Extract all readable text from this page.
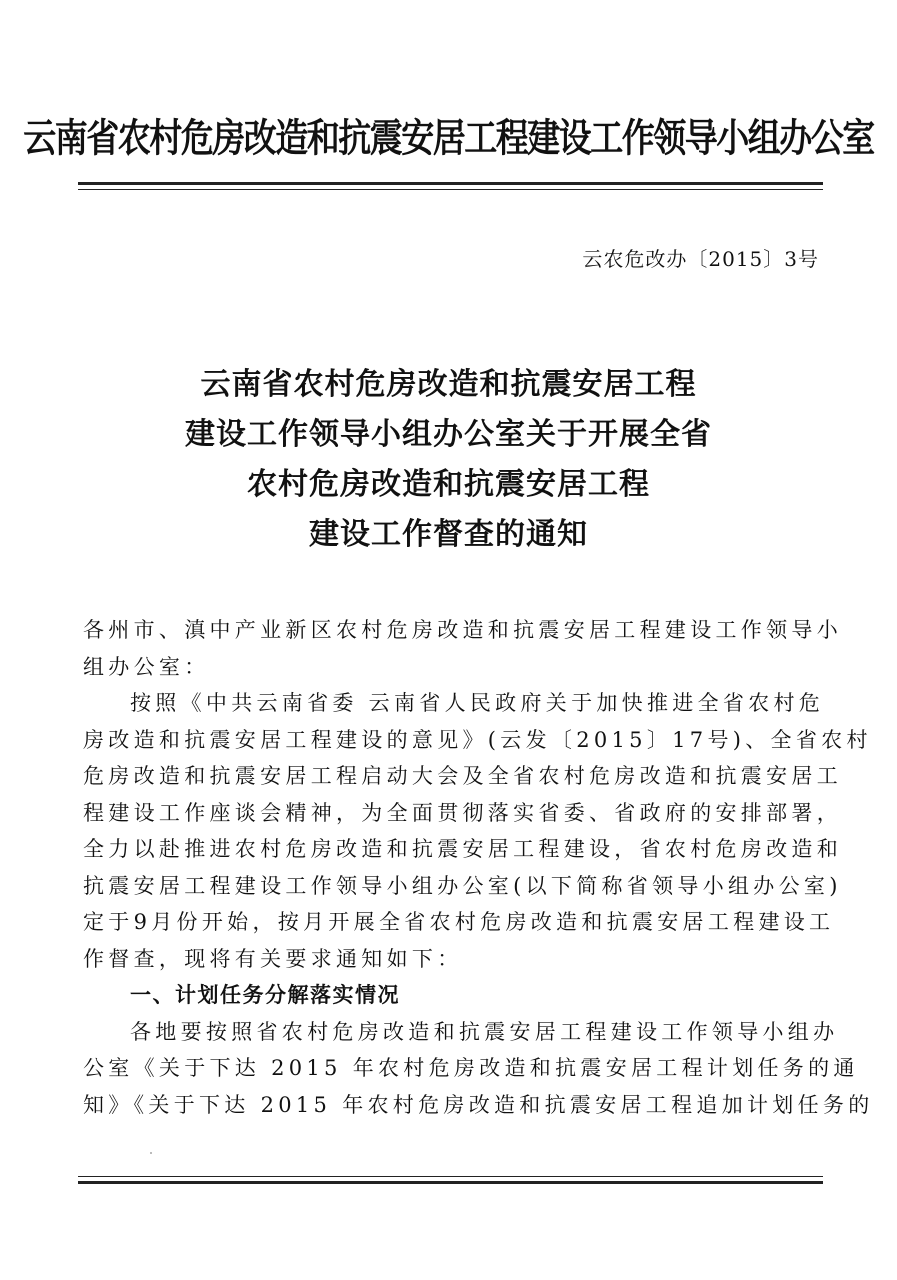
云南省农村危房改造和抗震安居工程建设工作领导小组办公室
云农危改办〔2015〕3号
云南省农村危房改造和抗震安居工程
建设工作领导小组办公室关于开展全省
农村危房改造和抗震安居工程
建设工作督查的通知
各州市、滇中产业新区农村危房改造和抗震安居工程建设工作领导小
组办公室：
按照《中共云南省委 云南省人民政府关于加快推进全省农村危
房改造和抗震安居工程建设的意见》(云发〔2015〕17号)、全省农村
危房改造和抗震安居工程启动大会及全省农村危房改造和抗震安居工
程建设工作座谈会精神，为全面贯彻落实省委、省政府的安排部署，
全力以赴推进农村危房改造和抗震安居工程建设，省农村危房改造和
抗震安居工程建设工作领导小组办公室(以下简称省领导小组办公室)
定于9月份开始，按月开展全省农村危房改造和抗震安居工程建设工
作督查，现将有关要求通知如下：
一、计划任务分解落实情况
各地要按照省农村危房改造和抗震安居工程建设工作领导小组办
公室《关于下达 2015 年农村危房改造和抗震安居工程计划任务的通
知》《关于下达 2015 年农村危房改造和抗震安居工程追加计划任务的
